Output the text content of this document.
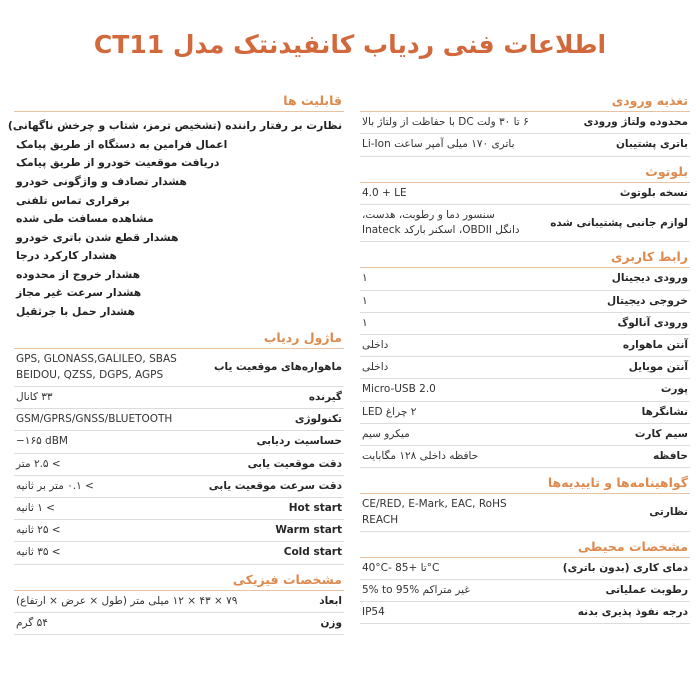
اطلاعات فنی ردیاب کانفیدنتک مدل CT11
قابلیت ها
نظارت بر رفتار راننده (تشخیص ترمز، شتاب و چرخش ناگهانی)
اعمال فرامین به دستگاه از طریق پیامک
دریافت موقعیت خودرو از طریق پیامک
هشدار تصادف و واژگونی خودرو
برقراری تماس تلفنی
مشاهده مسافت طی شده
هشدار قطع شدن باتری خودرو
هشدار کارکرد درجا
هشدار خروج از محدوده
هشدار سرعت غیر مجاز
هشدار حمل با جرثقیل
ماژول ردیاب
ماهواره‌های موقعیت یاب	GPS, GLONASS,GALILEO, SBAS
BEIDOU, QZSS, DGPS, AGPS
گیرنده	۳۳ کانال
تکنولوژی	GSM/GPRS/GNSS/BLUETOOTH
حساسیت ردیابی	−۱۶۵ dBM
دقت موقعیت یابی	> ۲.۵ متر
دقت سرعت موقعیت یابی	> ۰.۱ متر بر ثانیه
Hot start	> ۱ ثانیه
Warm start	> ۲۵ ثانیه
Cold start	> ۳۵ ثانیه
مشخصات فیزیکی
ابعاد	۷۹ × ۴۳ × ۱۲ میلی متر (طول × عرض × ارتفاع)
وزن	۵۴ گرم
تغذیه ورودی
محدوده ولتاژ ورودی	۶ تا ۳۰ ولت DC با حفاظت از ولتاژ بالا
باتری پشتیبان	باتری ۱۷۰ میلی آمپر ساعت Li-Ion
بلوتوث
نسخه بلوتوث	4.0 + LE
لوازم جانبی پشتیبانی شده	سنسور دما و رطوبت، هدست،
دانگل OBDII، اسکنر بارکد Inateck
رابط کاربری
ورودی دیجیتال	۱
خروجی دیجیتال	۱
ورودی آنالوگ	۱
آنتن ماهواره	داخلی
آنتن موبایل	داخلی
پورت	Micro-USB 2.0
نشانگرها	۲ چراغ LED
سیم کارت	میکرو سیم
حافظه	حافظه داخلی ۱۲۸ مگابایت
گواهینامه‌ها و تاییدیه‌ها
نظارتی	CE/RED, E-Mark, EAC, RoHS
REACH
مشخصات محیطی
دمای کاری (بدون باتری)	40°C- تا +85°C
رطوبت عملیاتی	5% to 95% غیر متراکم
درجه نفوذ پذیری بدنه	IP54
